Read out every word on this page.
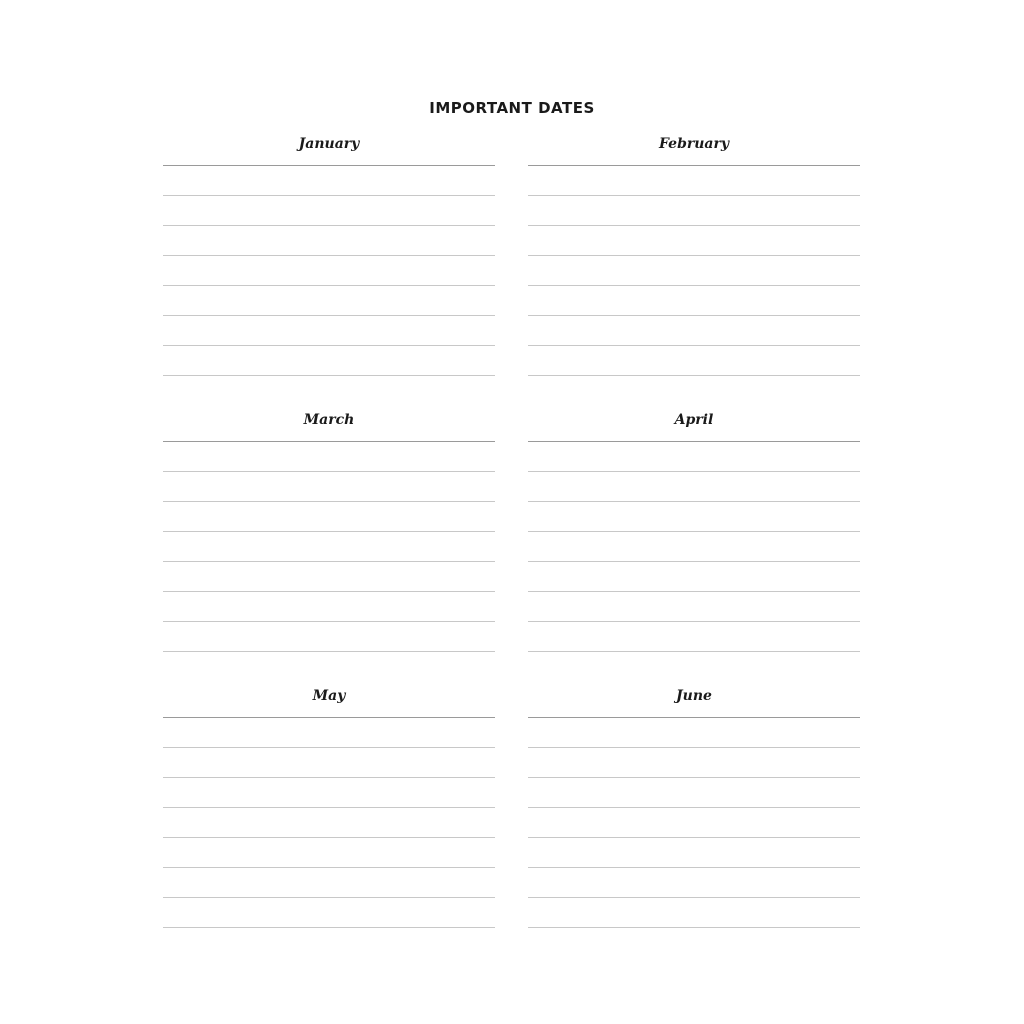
IMPORTANT DATES
January	February
March	April
May	June
